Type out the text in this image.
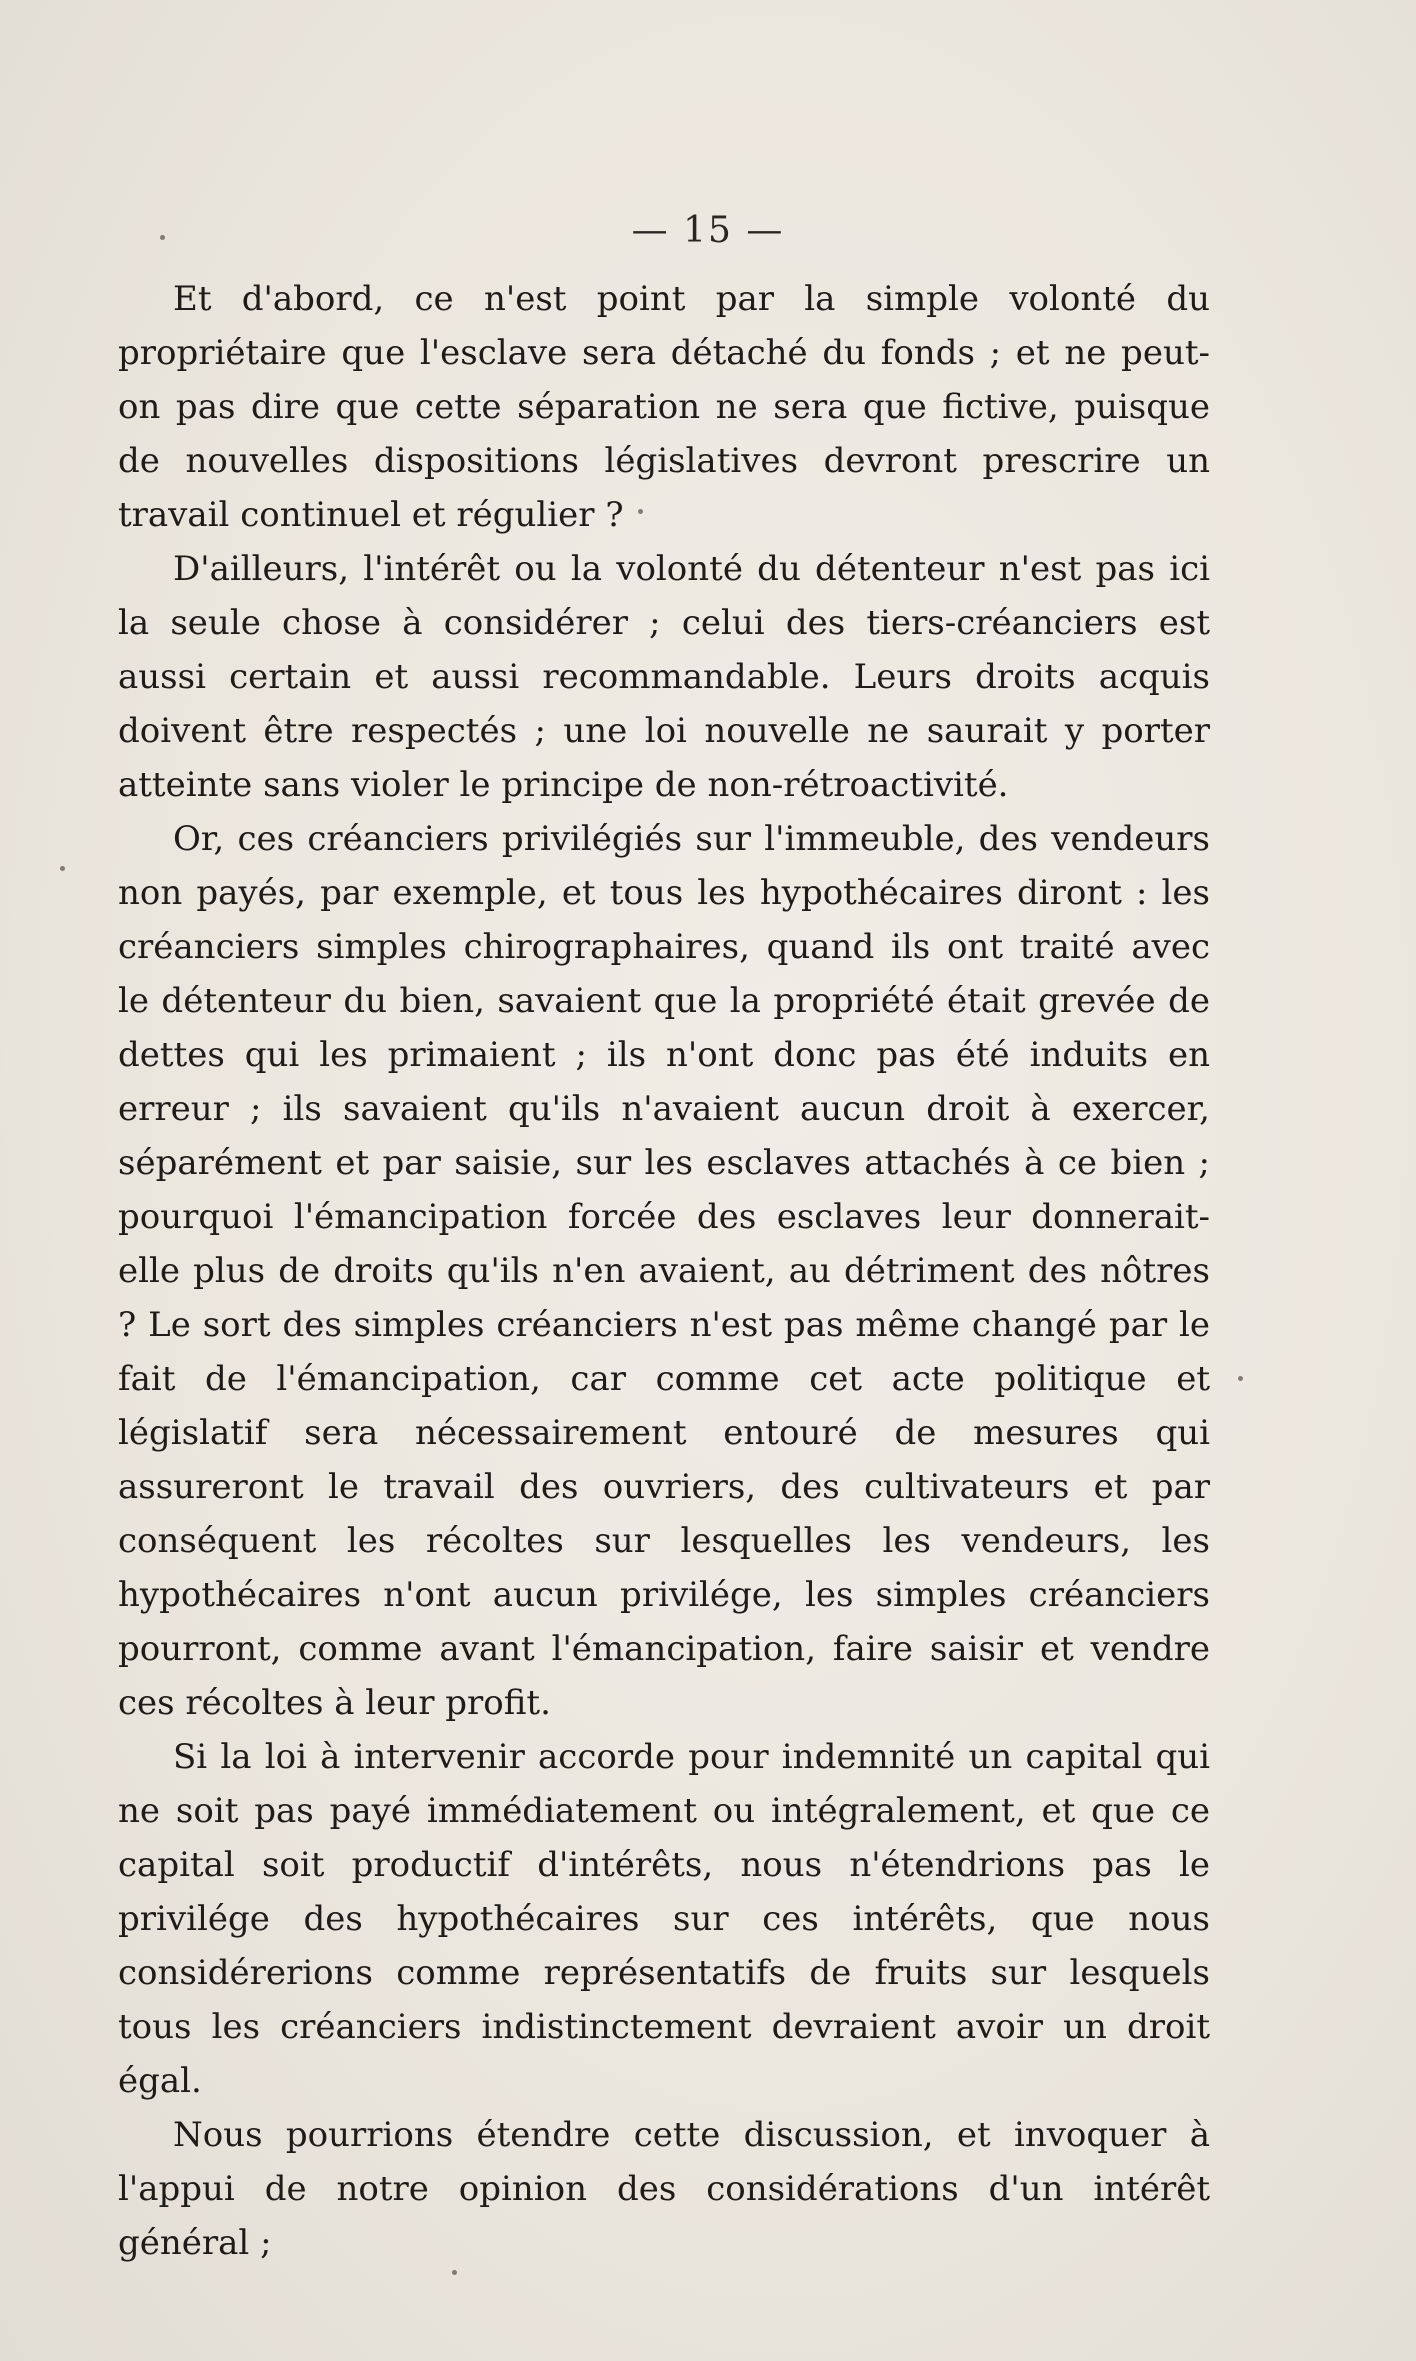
— 15 —

Et d'abord, ce n'est point par la simple volonté du propriétaire que l'esclave sera détaché du fonds ; et ne peut-on pas dire que cette séparation ne sera que fictive, puisque de nouvelles dispositions législatives devront prescrire un travail continuel et régulier ?

D'ailleurs, l'intérêt ou la volonté du détenteur n'est pas ici la seule chose à considérer ; celui des tiers-créanciers est aussi certain et aussi recommandable. Leurs droits acquis doivent être respectés ; une loi nouvelle ne saurait y porter atteinte sans violer le principe de non-rétroactivité.

Or, ces créanciers privilégiés sur l'immeuble, des vendeurs non payés, par exemple, et tous les hypothécaires diront : les créanciers simples chirographaires, quand ils ont traité avec le détenteur du bien, savaient que la propriété était grevée de dettes qui les primaient ; ils n'ont donc pas été induits en erreur ; ils savaient qu'ils n'avaient aucun droit à exercer, séparément et par saisie, sur les esclaves attachés à ce bien ; pourquoi l'émancipation forcée des esclaves leur donnerait-elle plus de droits qu'ils n'en avaient, au détriment des nôtres ? Le sort des simples créanciers n'est pas même changé par le fait de l'émancipation, car comme cet acte politique et législatif sera nécessairement entouré de mesures qui assureront le travail des ouvriers, des cultivateurs et par conséquent les récoltes sur lesquelles les vendeurs, les hypothécaires n'ont aucun privilége, les simples créanciers pourront, comme avant l'émancipation, faire saisir et vendre ces récoltes à leur profit.

Si la loi à intervenir accorde pour indemnité un capital qui ne soit pas payé immédiatement ou intégralement, et que ce capital soit productif d'intérêts, nous n'étendrions pas le privilége des hypothécaires sur ces intérêts, que nous considérerions comme représentatifs de fruits sur lesquels tous les créanciers indistinctement devraient avoir un droit égal.

Nous pourrions étendre cette discussion, et invoquer à l'appui de notre opinion des considérations d'un intérêt général ;
